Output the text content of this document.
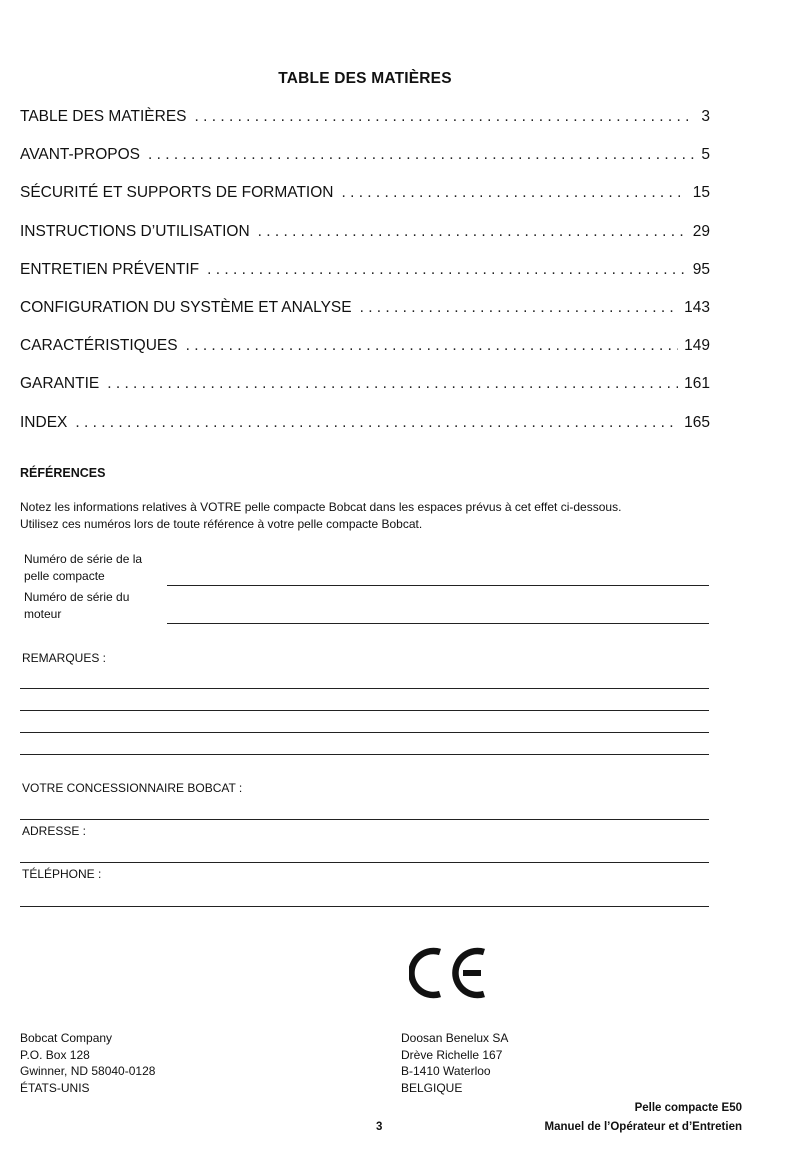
TABLE DES MATIÈRES
TABLE DES MATIÈRES .....	3
AVANT-PROPOS .....	5
SÉCURITÉ ET SUPPORTS DE FORMATION .....	15
INSTRUCTIONS D’UTILISATION .....	29
ENTRETIEN PRÉVENTIF .....	95
CONFIGURATION DU SYSTÈME ET ANALYSE .....	143
CARACTÉRISTIQUES .....	149
GARANTIE .....	161
INDEX .....	165
RÉFÉRENCES
Notez les informations relatives à VOTRE pelle compacte Bobcat dans les espaces prévus à cet effet ci-dessous.
Utilisez ces numéros lors de toute référence à votre pelle compacte Bobcat.
Numéro de série de la
pelle compacte
Numéro de série du
moteur
REMARQUES :
VOTRE CONCESSIONNAIRE BOBCAT :
ADRESSE :
TÉLÉPHONE :
Bobcat Company
P.O. Box 128
Gwinner, ND 58040-0128
ÉTATS-UNIS
Doosan Benelux SA
Drève Richelle 167
B-1410 Waterloo
BELGIQUE
Pelle compacte E50
3	Manuel de l’Opérateur et d’Entretien
